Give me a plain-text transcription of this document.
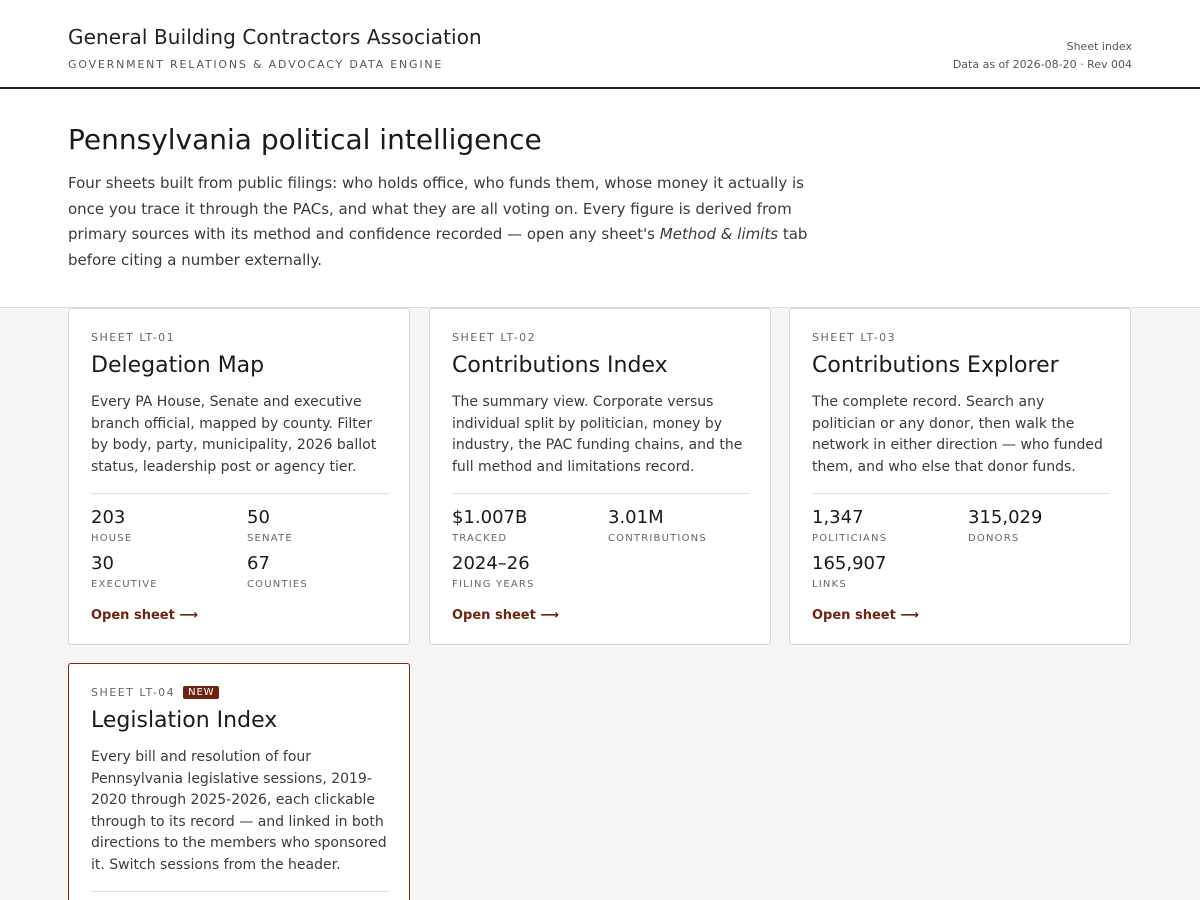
General Building Contractors Association
GOVERNMENT RELATIONS & ADVOCACY DATA ENGINE
Sheet index
Data as of 2026-08-20 · Rev 004
Pennsylvania political intelligence

Four sheets built from public filings: who holds office, who funds them, whose money it actually is once you trace it through the PACs, and what they are all voting on. Every figure is derived from primary sources with its method and confidence recorded — open any sheet's Method & limits tab before citing a number externally.

SHEET LT-01
Delegation Map
Every PA House, Senate and executive branch official, mapped by county. Filter by body, party, municipality, 2026 ballot status, leadership post or agency tier.
203
HOUSE
50
SENATE
30
EXECUTIVE
67
COUNTIES
Open sheet ⟶
SHEET LT-02
Contributions Index
The summary view. Corporate versus individual split by politician, money by industry, the PAC funding chains, and the full method and limitations record.
$1.007B
TRACKED
3.01M
CONTRIBUTIONS
2024–26
FILING YEARS
Open sheet ⟶
SHEET LT-03
Contributions Explorer
The complete record. Search any politician or any donor, then walk the network in either direction — who funded them, and who else that donor funds.
1,347
POLITICIANS
315,029
DONORS
165,907
LINKS
Open sheet ⟶
SHEET LT-04 NEW
Legislation Index
Every bill and resolution of four Pennsylvania legislative sessions, 2019-2020 through 2025-2026, each clickable through to its record — and linked in both directions to the members who sponsored it. Switch sessions from the header.
